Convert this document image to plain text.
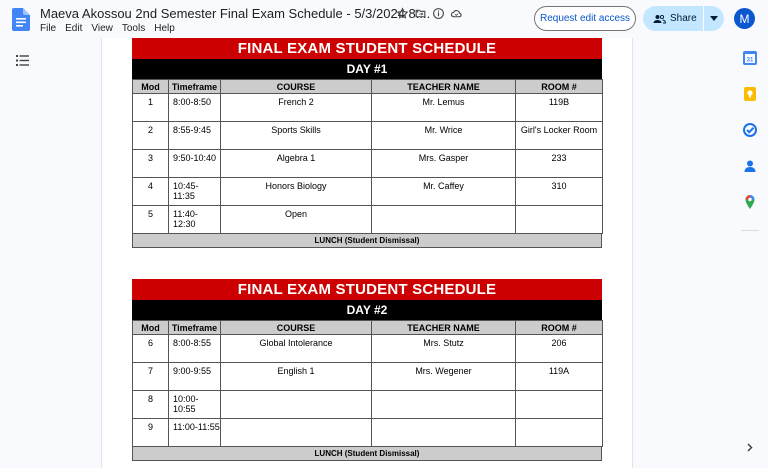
Maeva Akossou 2nd Semester Final Exam Schedule - 5/3/2024 8:...
File Edit View Tools Help
Request edit access	Share	M
FINAL EXAM STUDENT SCHEDULE
DAY #1
Mod	Timeframe	COURSE	TEACHER NAME	ROOM #
1	8:00-8:50	French 2	Mr. Lemus	119B
2	8:55-9:45	Sports Skills	Mr. Wrice	Girl's Locker Room
3	9:50-10:40	Algebra 1	Mrs. Gasper	233
4	10:45-11:35	Honors Biology	Mr. Caffey	310
5	11:40-12:30	Open		
LUNCH (Student Dismissal)
FINAL EXAM STUDENT SCHEDULE
DAY #2
Mod	Timeframe	COURSE	TEACHER NAME	ROOM #
6	8:00-8:55	Global Intolerance	Mrs. Stutz	206
7	9:00-9:55	English 1	Mrs. Wegener	119A
8	10:00-10:55			
9	11:00-11:55			
LUNCH (Student Dismissal)
31
